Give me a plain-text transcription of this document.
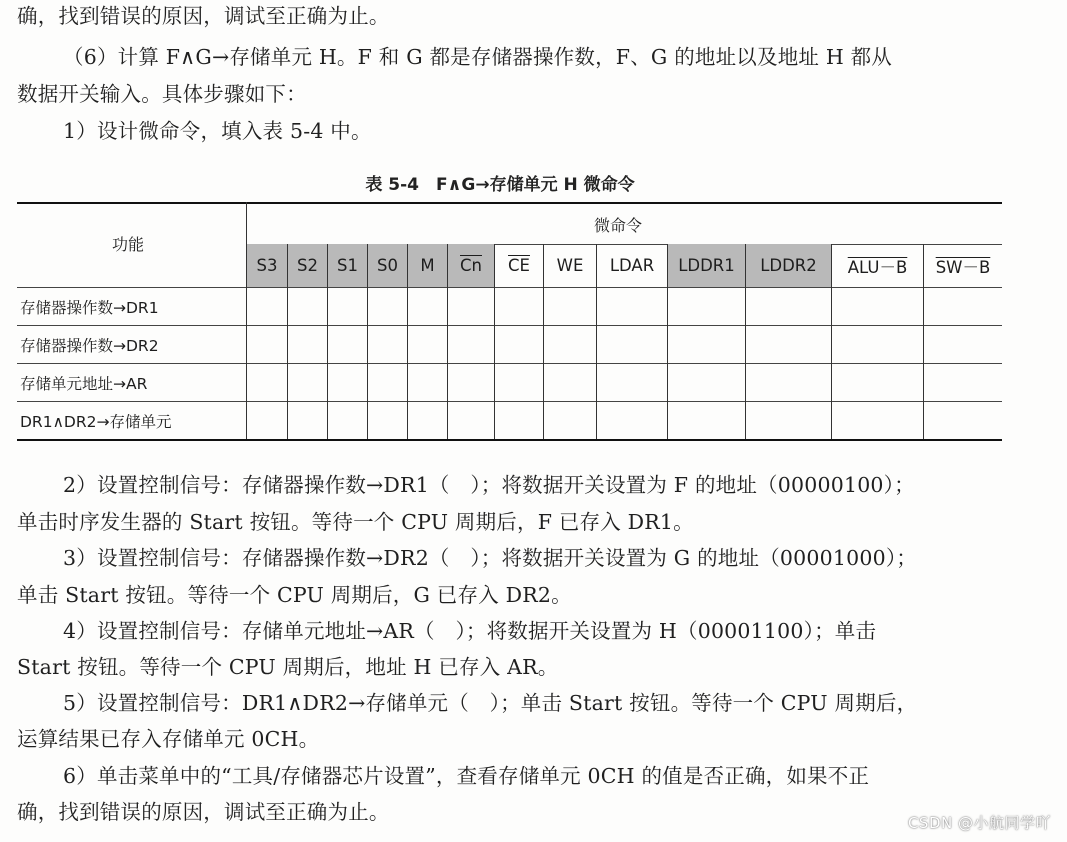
确，找到错误的原因，调试至正确为止。
（6）计算 F∧G→存储单元 H。F 和 G 都是存储器操作数，F、G 的地址以及地址 H 都从
数据开关输入。具体步骤如下：
1）设计微命令，填入表 5-4 中。
表 5-4　F∧G→存储单元 H 微命令
功能
微命令
S3 S2 S1 S0 M $\overline{Cn}$ $\overline{CE}$ WE LDAR LDDR1 LDDR2 ALU－B SW－B
存储器操作数→DR1
存储器操作数→DR2
存储单元地址→AR
DR1∧DR2→存储单元
2）设置控制信号：存储器操作数→DR1（　）；将数据开关设置为 F 的地址（00000100）；
单击时序发生器的 Start 按钮。等待一个 CPU 周期后，F 已存入 DR1。
3）设置控制信号：存储器操作数→DR2（　）；将数据开关设置为 G 的地址（00001000）；
单击 Start 按钮。等待一个 CPU 周期后，G 已存入 DR2。
4）设置控制信号：存储单元地址→AR（　）；将数据开关设置为 H（00001100）；单击
Start 按钮。等待一个 CPU 周期后，地址 H 已存入 AR。
5）设置控制信号：DR1∧DR2→存储单元（　）；单击 Start 按钮。等待一个 CPU 周期后，
运算结果已存入存储单元 0CH。
6）单击菜单中的“工具/存储器芯片设置”，查看存储单元 0CH 的值是否正确，如果不正
确，找到错误的原因，调试至正确为止。	CSDN @小航同学吖
